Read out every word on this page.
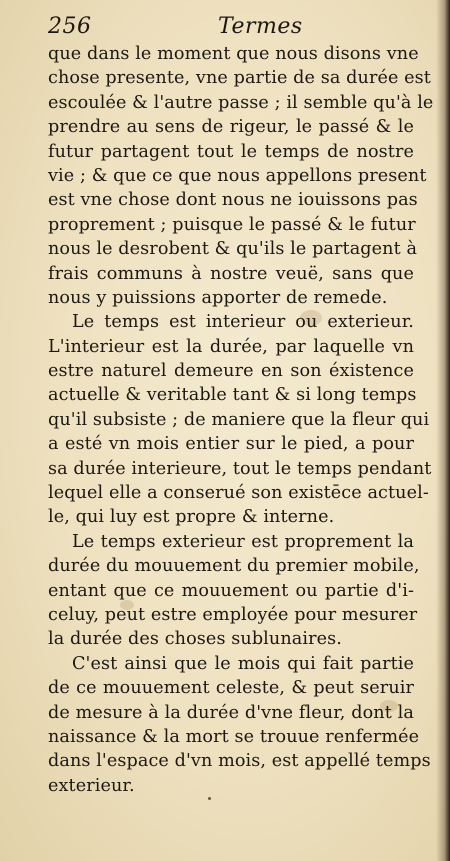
256	Termes
que dans le moment que nous disons vne
chose presente, vne partie de sa durée est
escoulée & l'autre passe ; il semble qu'à le
prendre au sens de rigeur, le passé & le
futur partagent tout le temps de nostre
vie ; & que ce que nous appellons present
est vne chose dont nous ne iouissons pas
proprement ; puisque le passé & le futur
nous le desrobent & qu'ils le partagent à
frais communs à nostre veuë, sans que
nous y puissions apporter de remede.
Le temps est interieur ou exterieur.
L'interieur est la durée, par laquelle vn
estre naturel demeure en son éxistence
actuelle & veritable tant & si long temps
qu'il subsiste ; de maniere que la fleur qui
a esté vn mois entier sur le pied, a pour
sa durée interieure, tout le temps pendant
lequel elle a conserué son existēce actuel-
le, qui luy est propre & interne.
Le temps exterieur est proprement la
durée du mouuement du premier mobile,
entant que ce mouuement ou partie d'i-
celuy, peut estre employée pour mesurer
la durée des choses sublunaires.
C'est ainsi que le mois qui fait partie
de ce mouuement celeste, & peut seruir
de mesure à la durée d'vne fleur, dont la
naissance & la mort se trouue renfermée
dans l'espace d'vn mois, est appellé temps
exterieur.
